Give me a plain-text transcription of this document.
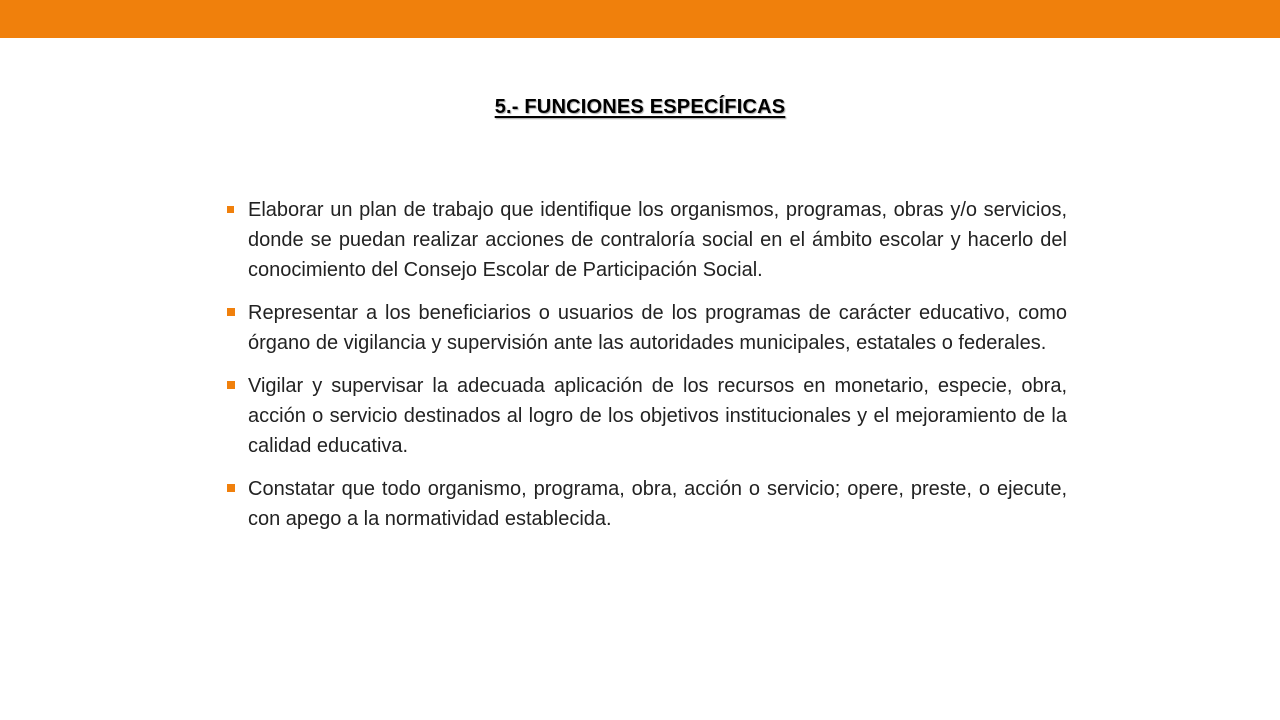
5.- FUNCIONES ESPECÍFICAS
Elaborar un plan de trabajo que identifique los organismos, programas, obras y/o servicios, donde se puedan realizar acciones de contraloría social en el ámbito escolar y hacerlo del conocimiento del Consejo Escolar de Participación Social.
Representar a los beneficiarios o usuarios de los programas de carácter educativo, como órgano de vigilancia y supervisión ante las autoridades municipales, estatales o federales.
Vigilar y supervisar la adecuada aplicación de los recursos en monetario, especie, obra, acción o servicio destinados al logro de los objetivos institucionales y el mejoramiento de la calidad educativa.
Constatar que todo organismo, programa, obra, acción o servicio; opere, preste, o ejecute, con apego a la normatividad establecida.
